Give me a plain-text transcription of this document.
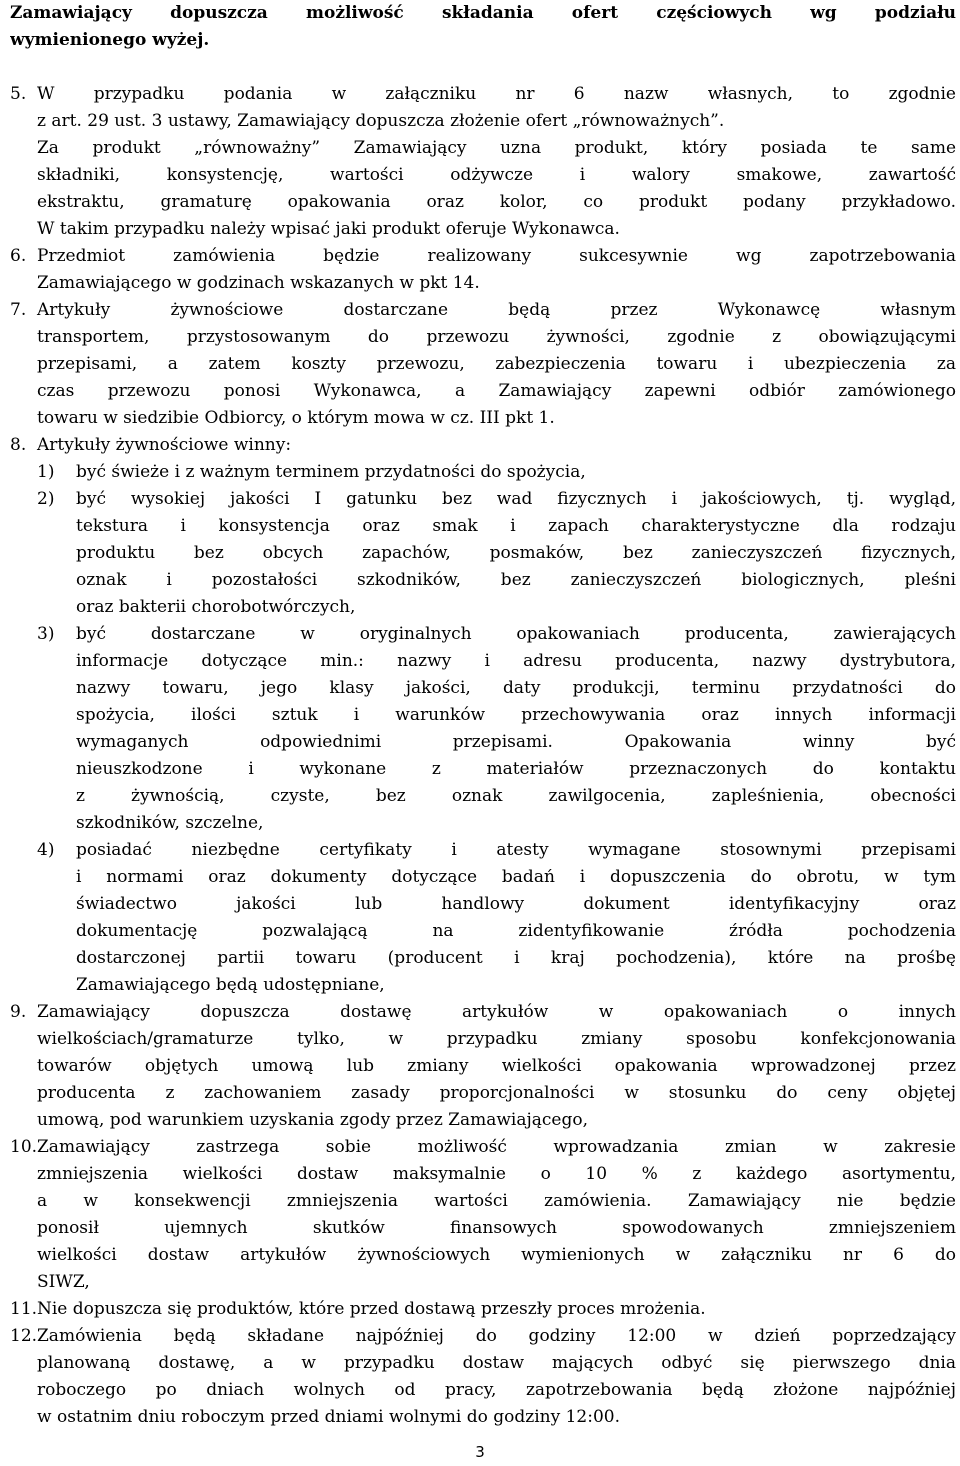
Zamawiający dopuszcza możliwość składania ofert częściowych wg podziału
wymienionego wyżej.
5. W przypadku podania w załączniku nr 6 nazw własnych, to zgodnie
z art. 29 ust. 3 ustawy, Zamawiający dopuszcza złożenie ofert „równoważnych”.
Za produkt „równoważny” Zamawiający uzna produkt, który posiada te same
składniki, konsystencję, wartości odżywcze i walory smakowe, zawartość
ekstraktu, gramaturę opakowania oraz kolor, co produkt podany przykładowo.
W takim przypadku należy wpisać jaki produkt oferuje Wykonawca.
6. Przedmiot zamówienia będzie realizowany sukcesywnie wg zapotrzebowania
Zamawiającego w godzinach wskazanych w pkt 14.
7. Artykuły żywnościowe dostarczane będą przez Wykonawcę własnym
transportem, przystosowanym do przewozu żywności, zgodnie z obowiązującymi
przepisami, a zatem koszty przewozu, zabezpieczenia towaru i ubezpieczenia za
czas przewozu ponosi Wykonawca, a Zamawiający zapewni odbiór zamówionego
towaru w siedzibie Odbiorcy, o którym mowa w cz. III pkt 1.
8. Artykuły żywnościowe winny:
1) być świeże i z ważnym terminem przydatności do spożycia,
2) być wysokiej jakości I gatunku bez wad fizycznych i jakościowych, tj. wygląd,
tekstura i konsystencja oraz smak i zapach charakterystyczne dla rodzaju
produktu bez obcych zapachów, posmaków, bez zanieczyszczeń fizycznych,
oznak i pozostałości szkodników, bez zanieczyszczeń biologicznych, pleśni
oraz bakterii chorobotwórczych,
3) być dostarczane w oryginalnych opakowaniach producenta, zawierających
informacje dotyczące min.: nazwy i adresu producenta, nazwy dystrybutora,
nazwy towaru, jego klasy jakości, daty produkcji, terminu przydatności do
spożycia, ilości sztuk i warunków przechowywania oraz innych informacji
wymaganych odpowiednimi przepisami. Opakowania winny być
nieuszkodzone i wykonane z materiałów przeznaczonych do kontaktu
z żywnością, czyste, bez oznak zawilgocenia, zapleśnienia, obecności
szkodników, szczelne,
4) posiadać niezbędne certyfikaty i atesty wymagane stosownymi przepisami
i normami oraz dokumenty dotyczące badań i dopuszczenia do obrotu, w tym
świadectwo jakości lub handlowy dokument identyfikacyjny oraz
dokumentację pozwalającą na zidentyfikowanie źródła pochodzenia
dostarczonej partii towaru (producent i kraj pochodzenia), które na prośbę
Zamawiającego będą udostępniane,
9. Zamawiający dopuszcza dostawę artykułów w opakowaniach o innych
wielkościach/gramaturze tylko, w przypadku zmiany sposobu konfekcjonowania
towarów objętych umową lub zmiany wielkości opakowania wprowadzonej przez
producenta z zachowaniem zasady proporcjonalności w stosunku do ceny objętej
umową, pod warunkiem uzyskania zgody przez Zamawiającego,
10. Zamawiający zastrzega sobie możliwość wprowadzania zmian w zakresie
zmniejszenia wielkości dostaw maksymalnie o 10 % z każdego asortymentu,
a w konsekwencji zmniejszenia wartości zamówienia. Zamawiający nie będzie
ponosił ujemnych skutków finansowych spowodowanych zmniejszeniem
wielkości dostaw artykułów żywnościowych wymienionych w załączniku nr 6 do
SIWZ,
11. Nie dopuszcza się produktów, które przed dostawą przeszły proces mrożenia.
12. Zamówienia będą składane najpóźniej do godziny 12:00 w dzień poprzedzający
planowaną dostawę, a w przypadku dostaw mających odbyć się pierwszego dnia
roboczego po dniach wolnych od pracy, zapotrzebowania będą złożone najpóźniej
w ostatnim dniu roboczym przed dniami wolnymi do godziny 12:00.
3
